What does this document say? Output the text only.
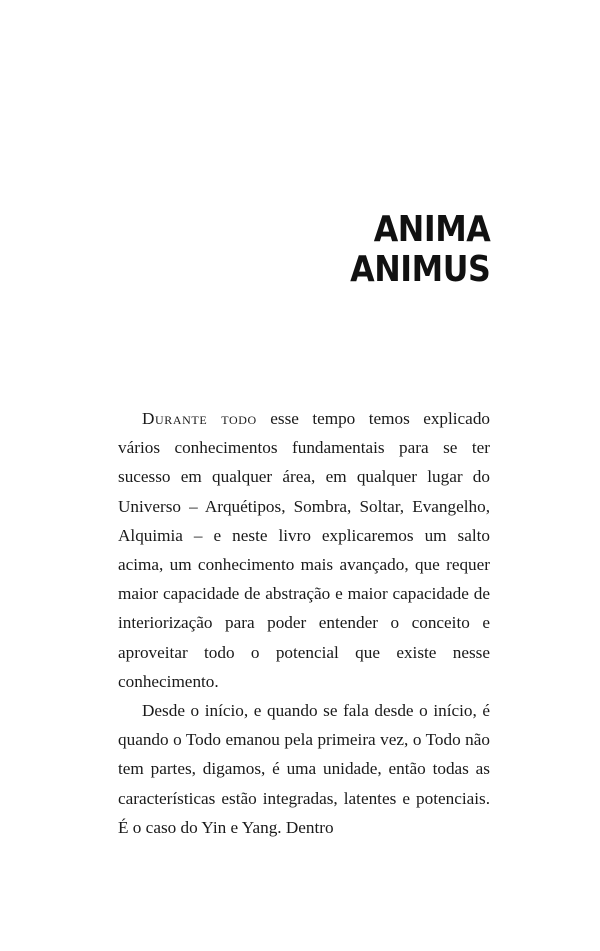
ANIMA
ANIMUS

Durante todo esse tempo temos explicado vários conhecimentos fundamentais para se ter sucesso em qualquer área, em qualquer lugar do Universo – Arquétipos, Sombra, Soltar, Evangelho, Alquimia – e neste livro explicaremos um salto acima, um conhecimento mais avançado, que requer maior capacidade de abstração e maior capacidade de interiorização para poder entender o conceito e aproveitar todo o potencial que existe nesse conhecimento.

Desde o início, e quando se fala desde o início, é quando o Todo emanou pela primeira vez, o Todo não tem partes, digamos, é uma unidade, então todas as características estão integradas, latentes e potenciais. É o caso do Yin e Yang. Dentro
